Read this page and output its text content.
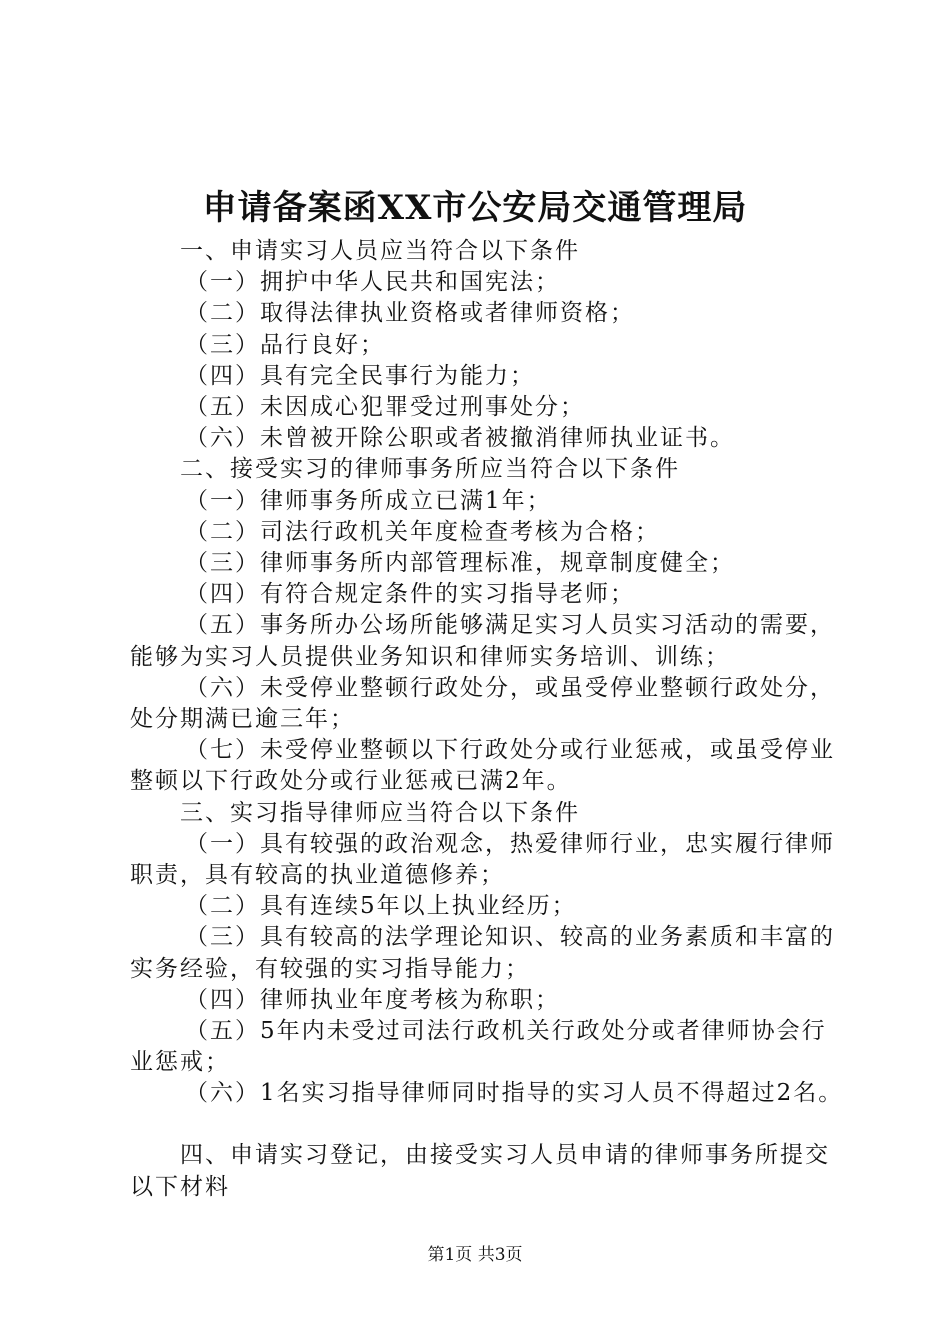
申请备案函XX市公安局交通管理局
一、申请实习人员应当符合以下条件
（一）拥护中华人民共和国宪法；
（二）取得法律执业资格或者律师资格；
（三）品行良好；
（四）具有完全民事行为能力；
（五）未因成心犯罪受过刑事处分；
（六）未曾被开除公职或者被撤消律师执业证书。
二、接受实习的律师事务所应当符合以下条件
（一）律师事务所成立已满1年；
（二）司法行政机关年度检查考核为合格；
（三）律师事务所内部管理标准，规章制度健全；
（四）有符合规定条件的实习指导老师；
（五）事务所办公场所能够满足实习人员实习活动的需要，
能够为实习人员提供业务知识和律师实务培训、训练；
（六）未受停业整顿行政处分，或虽受停业整顿行政处分，
处分期满已逾三年；
（七）未受停业整顿以下行政处分或行业惩戒，或虽受停业
整顿以下行政处分或行业惩戒已满2年。
三、实习指导律师应当符合以下条件
（一）具有较强的政治观念，热爱律师行业，忠实履行律师
职责，具有较高的执业道德修养；
（二）具有连续5年以上执业经历；
（三）具有较高的法学理论知识、较高的业务素质和丰富的
实务经验，有较强的实习指导能力；
（四）律师执业年度考核为称职；
（五）5年内未受过司法行政机关行政处分或者律师协会行
业惩戒；
（六）1名实习指导律师同时指导的实习人员不得超过2名。
四、申请实习登记，由接受实习人员申请的律师事务所提交
以下材料
第1页 共3页
